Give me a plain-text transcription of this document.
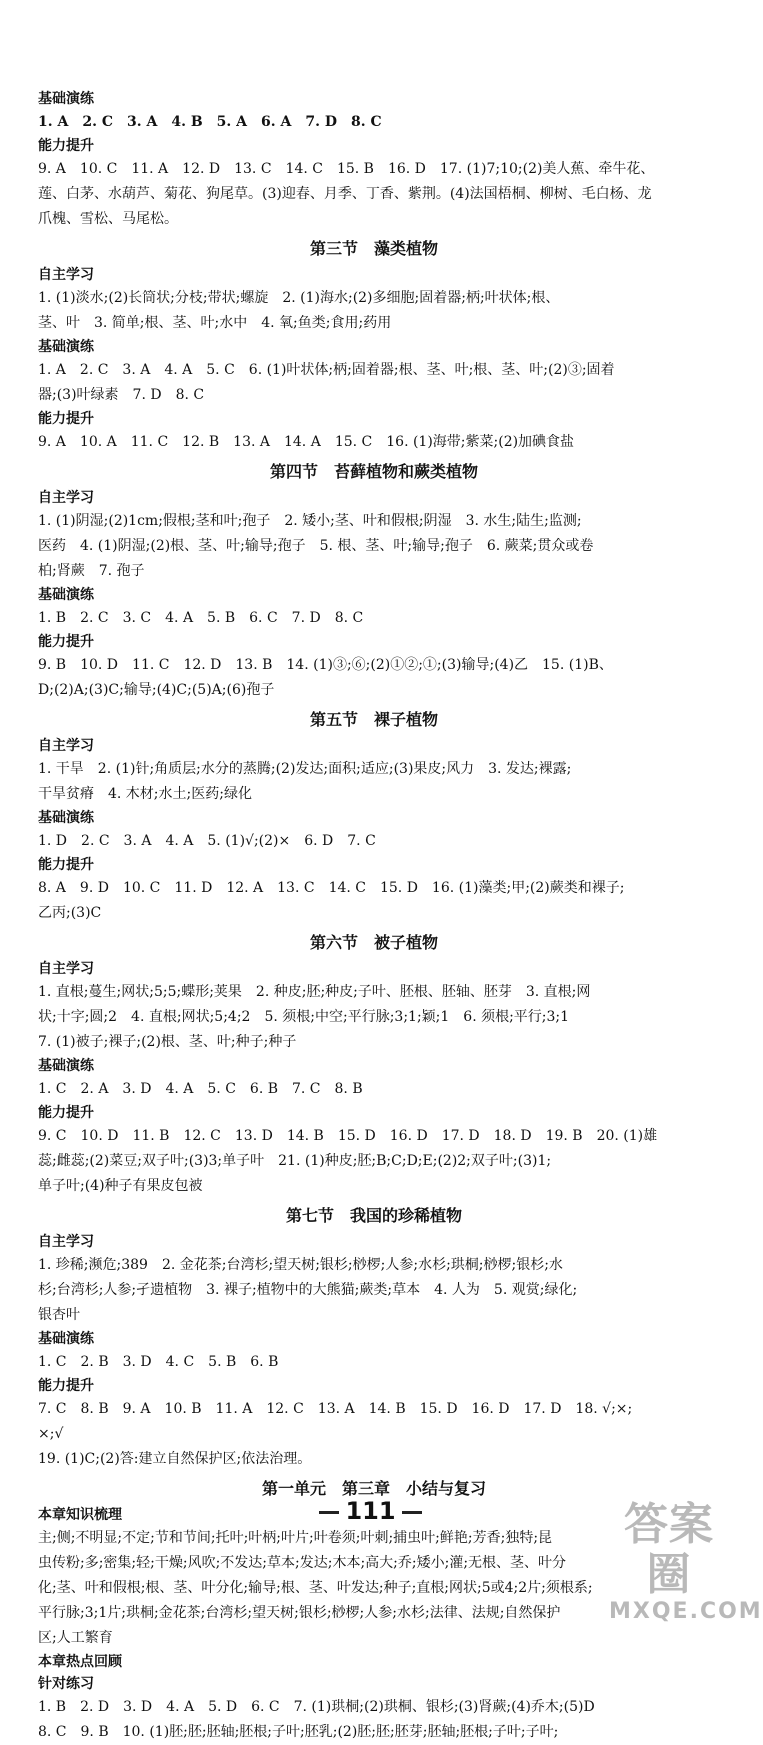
基础演练
1. A　2. C　3. A　4. B　5. A　6. A　7. D　8. C
能力提升
9. A　10. C　11. A　12. D　13. C　14. C　15. B　16. D　17. (1)7;10;(2)美人蕉、牵牛花、
莲、白茅、水葫芦、菊花、狗尾草。(3)迎春、月季、丁香、紫荆。(4)法国梧桐、柳树、毛白杨、龙
爪槐、雪松、马尾松。
第三节　藻类植物
自主学习
1. (1)淡水;(2)长筒状;分枝;带状;螺旋　2. (1)海水;(2)多细胞;固着器;柄;叶状体;根、
茎、叶　3. 简单;根、茎、叶;水中　4. 氧;鱼类;食用;药用
基础演练
1. A　2. C　3. A　4. A　5. C　6. (1)叶状体;柄;固着器;根、茎、叶;根、茎、叶;(2)③;固着
器;(3)叶绿素　7. D　8. C
能力提升
9. A　10. A　11. C　12. B　13. A　14. A　15. C　16. (1)海带;紫菜;(2)加碘食盐
第四节　苔藓植物和蕨类植物
自主学习
1. (1)阴湿;(2)1cm;假根;茎和叶;孢子　2. 矮小;茎、叶和假根;阴湿　3. 水生;陆生;监测;
医药　4. (1)阴湿;(2)根、茎、叶;输导;孢子　5. 根、茎、叶;输导;孢子　6. 蕨菜;贯众或卷
柏;肾蕨　7. 孢子
基础演练
1. B　2. C　3. C　4. A　5. B　6. C　7. D　8. C
能力提升
9. B　10. D　11. C　12. D　13. B　14. (1)③;⑥;(2)①②;①;(3)输导;(4)乙　15. (1)B、
D;(2)A;(3)C;输导;(4)C;(5)A;(6)孢子
第五节　裸子植物
自主学习
1. 干旱　2. (1)针;角质层;水分的蒸腾;(2)发达;面积;适应;(3)果皮;风力　3. 发达;裸露;
干旱贫瘠　4. 木材;水土;医药;绿化
基础演练
1. D　2. C　3. A　4. A　5. (1)√;(2)×　6. D　7. C
能力提升
8. A　9. D　10. C　11. D　12. A　13. C　14. C　15. D　16. (1)藻类;甲;(2)蕨类和裸子;
乙丙;(3)C
第六节　被子植物
自主学习
1. 直根;蔓生;网状;5;5;蝶形;荚果　2. 种皮;胚;种皮;子叶、胚根、胚轴、胚芽　3. 直根;网
状;十字;圆;2　4. 直根;网状;5;4;2　5. 须根;中空;平行脉;3;1;颖;1　6. 须根;平行;3;1
7. (1)被子;裸子;(2)根、茎、叶;种子;种子
基础演练
1. C　2. A　3. D　4. A　5. C　6. B　7. C　8. B
能力提升
9. C　10. D　11. B　12. C　13. D　14. B　15. D　16. D　17. D　18. D　19. B　20. (1)雄
蕊;雌蕊;(2)菜豆;双子叶;(3)3;单子叶　21. (1)种皮;胚;B;C;D;E;(2)2;双子叶;(3)1;
单子叶;(4)种子有果皮包被
第七节　我国的珍稀植物
自主学习
1. 珍稀;濒危;389　2. 金花茶;台湾杉;望天树;银杉;桫椤;人参;水杉;珙桐;桫椤;银杉;水
杉;台湾杉;人参;孑遗植物　3. 裸子;植物中的大熊猫;蕨类;草本　4. 人为　5. 观赏;绿化;
银杏叶
基础演练
1. C　2. B　3. D　4. C　5. B　6. B
能力提升
7. C　8. B　9. A　10. B　11. A　12. C　13. A　14. B　15. D　16. D　17. D　18. √;×;
×;√
19. (1)C;(2)答:建立自然保护区;依法治理。
第一单元　第三章　小结与复习
本章知识梳理
主;侧;不明显;不定;节和节间;托叶;叶柄;叶片;叶卷须;叶刺;捕虫叶;鲜艳;芳香;独特;昆
虫传粉;多;密集;轻;干燥;风吹;不发达;草本;发达;木本;高大;乔;矮小;灌;无根、茎、叶分
化;茎、叶和假根;根、茎、叶分化;输导;根、茎、叶发达;种子;直根;网状;5或4;2片;须根系;
平行脉;3;1片;珙桐;金花茶;台湾杉;望天树;银杉;桫椤;人参;水杉;法律、法规;自然保护
区;人工繁育
本章热点回顾
针对练习
1. B　2. D　3. D　4. A　5. D　6. C　7. (1)珙桐;(2)珙桐、银杉;(3)肾蕨;(4)乔木;(5)D
8. C　9. B　10. (1)胚;胚;胚轴;胚根;子叶;胚乳;(2)胚;胚;胚芽;胚轴;胚根;子叶;子叶;
111	答案圈
MXQE.COM
